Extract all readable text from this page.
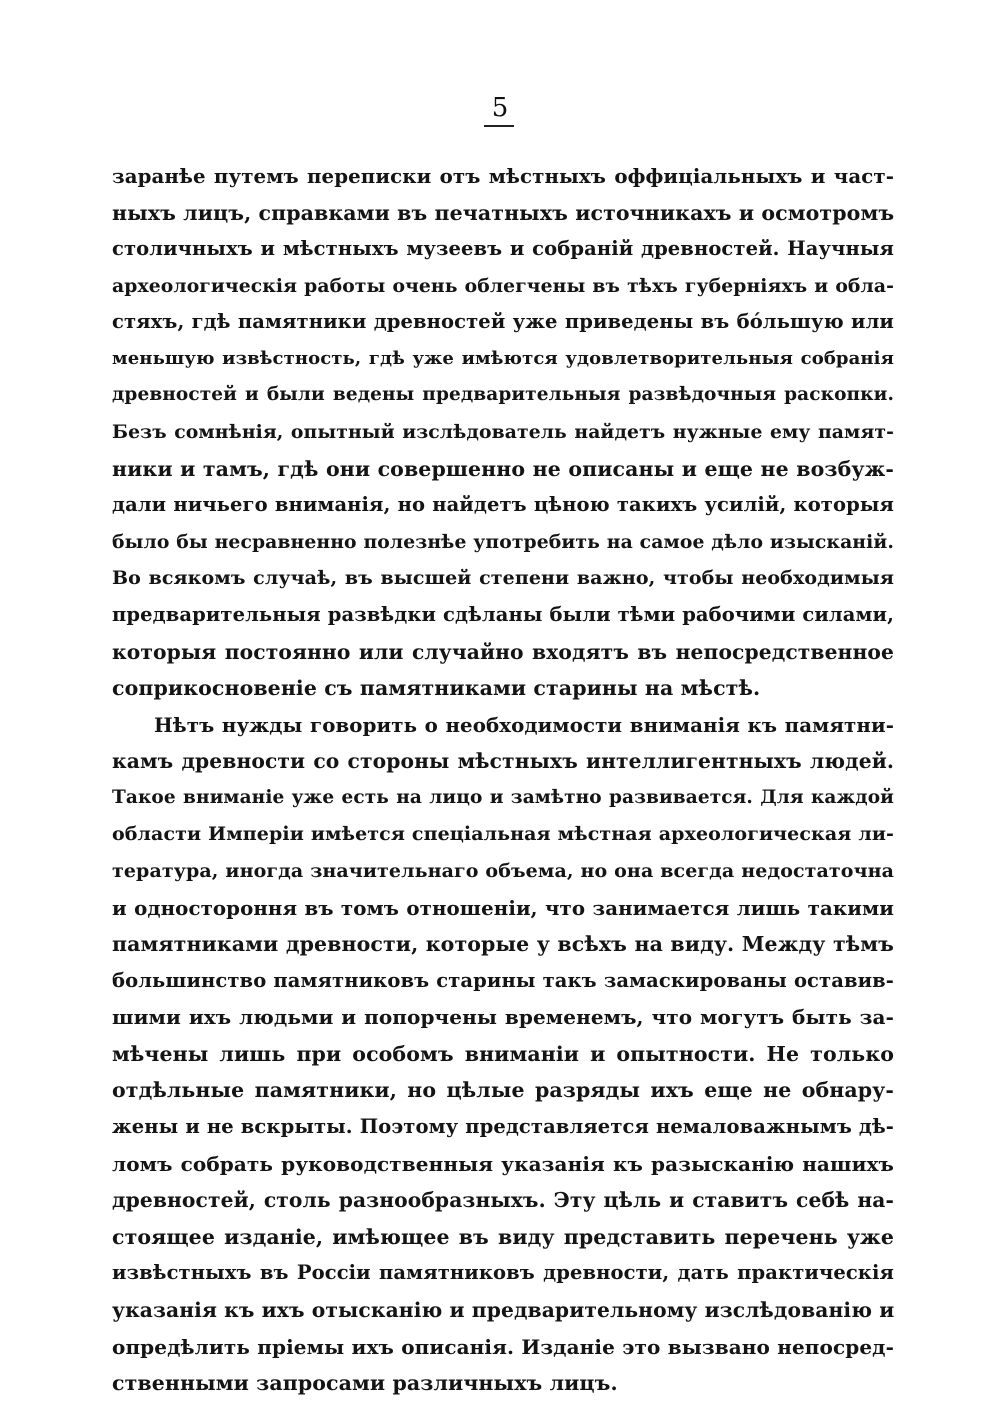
5
заранѣе путемъ переписки отъ мѣстныхъ оффиціальныхъ и част-
ныхъ лицъ, справками въ печатныхъ источникахъ и осмотромъ
столичныхъ и мѣстныхъ музеевъ и собраній древностей. Научныя
археологическія работы очень облегчены въ тѣхъ губерніяхъ и обла-
стяхъ, гдѣ памятники древностей уже приведены въ бóльшую или
меньшую извѣстность, гдѣ уже имѣются удовлетворительныя собранія
древностей и были ведены предварительныя развѣдочныя раскопки.
Безъ сомнѣнія, опытный изслѣдователь найдетъ нужные ему памят-
ники и тамъ, гдѣ они совершенно не описаны и еще не возбуж-
дали ничьего вниманія, но найдетъ цѣною такихъ усилій, которыя
было бы несравненно полезнѣе употребить на самое дѣло изысканій.
Во всякомъ случаѣ, въ высшей степени важно, чтобы необходимыя
предварительныя развѣдки сдѣланы были тѣми рабочими силами,
которыя постоянно или случайно входятъ въ непосредственное
соприкосновеніе съ памятниками старины на мѣстѣ.
Нѣтъ нужды говорить о необходимости вниманія къ памятни-
камъ древности со стороны мѣстныхъ интеллигентныхъ людей.
Такое вниманіе уже есть на лицо и замѣтно развивается. Для каждой
области Имперіи имѣется спеціальная мѣстная археологическая ли-
тература, иногда значительнаго объема, но она всегда недостаточна
и одностороння въ томъ отношеніи, что занимается лишь такими
памятниками древности, которые у всѣхъ на виду. Между тѣмъ
большинство памятниковъ старины такъ замаскированы оставив-
шими ихъ людьми и попорчены временемъ, что могутъ быть за-
мѣчены лишь при особомъ вниманіи и опытности. Не только
отдѣльные памятники, но цѣлые разряды ихъ еще не обнару-
жены и не вскрыты. Поэтому представляется немаловажнымъ дѣ-
ломъ собрать руководственныя указанія къ разысканію нашихъ
древностей, столь разнообразныхъ. Эту цѣль и ставитъ себѣ на-
стоящее изданіе, имѣющее въ виду представить перечень уже
извѣстныхъ въ Россіи памятниковъ древности, дать практическія
указанія къ ихъ отысканію и предварительному изслѣдованію и
опредѣлить пріемы ихъ описанія. Изданіе это вызвано непосред-
ственными запросами различныхъ лицъ.
